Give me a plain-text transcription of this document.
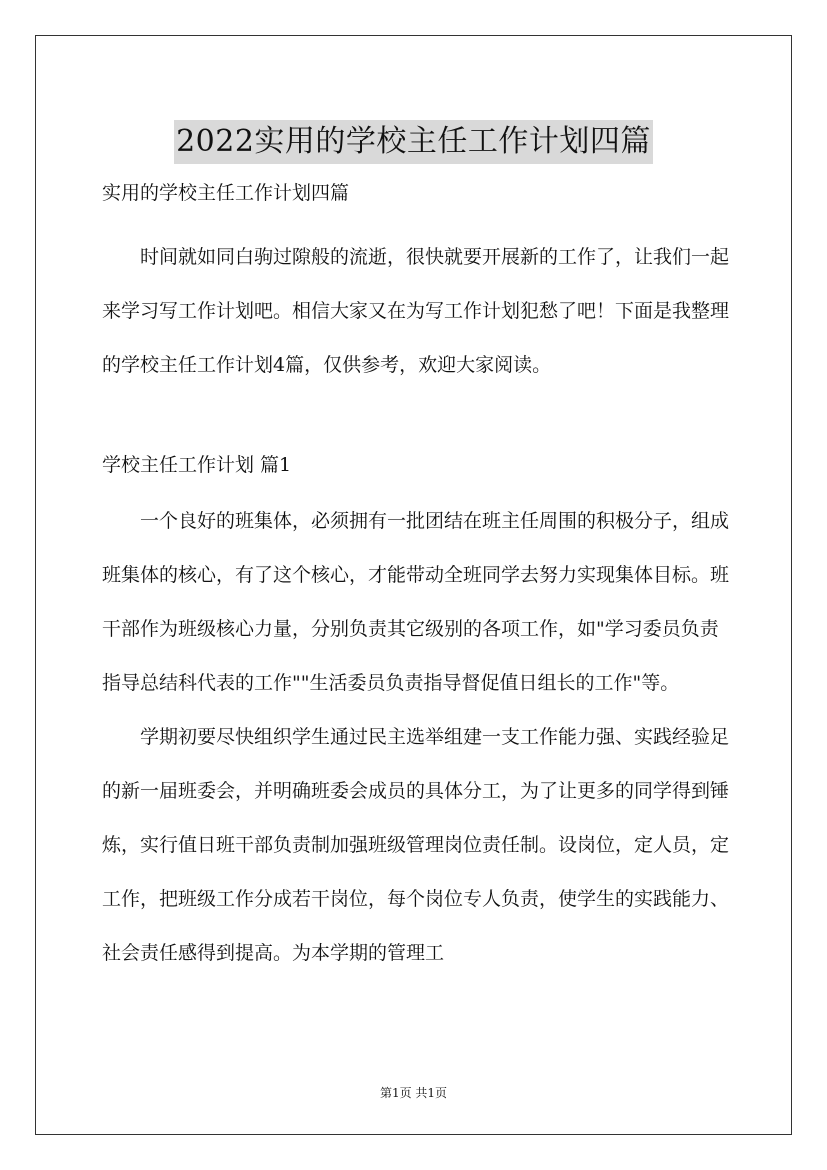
2022实用的学校主任工作计划四篇

实用的学校主任工作计划四篇

时间就如同白驹过隙般的流逝，很快就要开展新的工作了，让我们一起来学习写工作计划吧。相信大家又在为写工作计划犯愁了吧！下面是我整理的学校主任工作计划4篇，仅供参考，欢迎大家阅读。

学校主任工作计划 篇1

一个良好的班集体，必须拥有一批团结在班主任周围的积极分子，组成班集体的核心，有了这个核心，才能带动全班同学去努力实现集体目标。班干部作为班级核心力量，分别负责其它级别的各项工作，如"学习委员负责指导总结科代表的工作""生活委员负责指导督促值日组长的工作"等。

学期初要尽快组织学生通过民主选举组建一支工作能力强、实践经验足的新一届班委会，并明确班委会成员的具体分工，为了让更多的同学得到锤炼，实行值日班干部负责制加强班级管理岗位责任制。设岗位，定人员，定工作，把班级工作分成若干岗位，每个岗位专人负责，使学生的实践能力、社会责任感得到提高。为本学期的管理工

第1页 共1页
